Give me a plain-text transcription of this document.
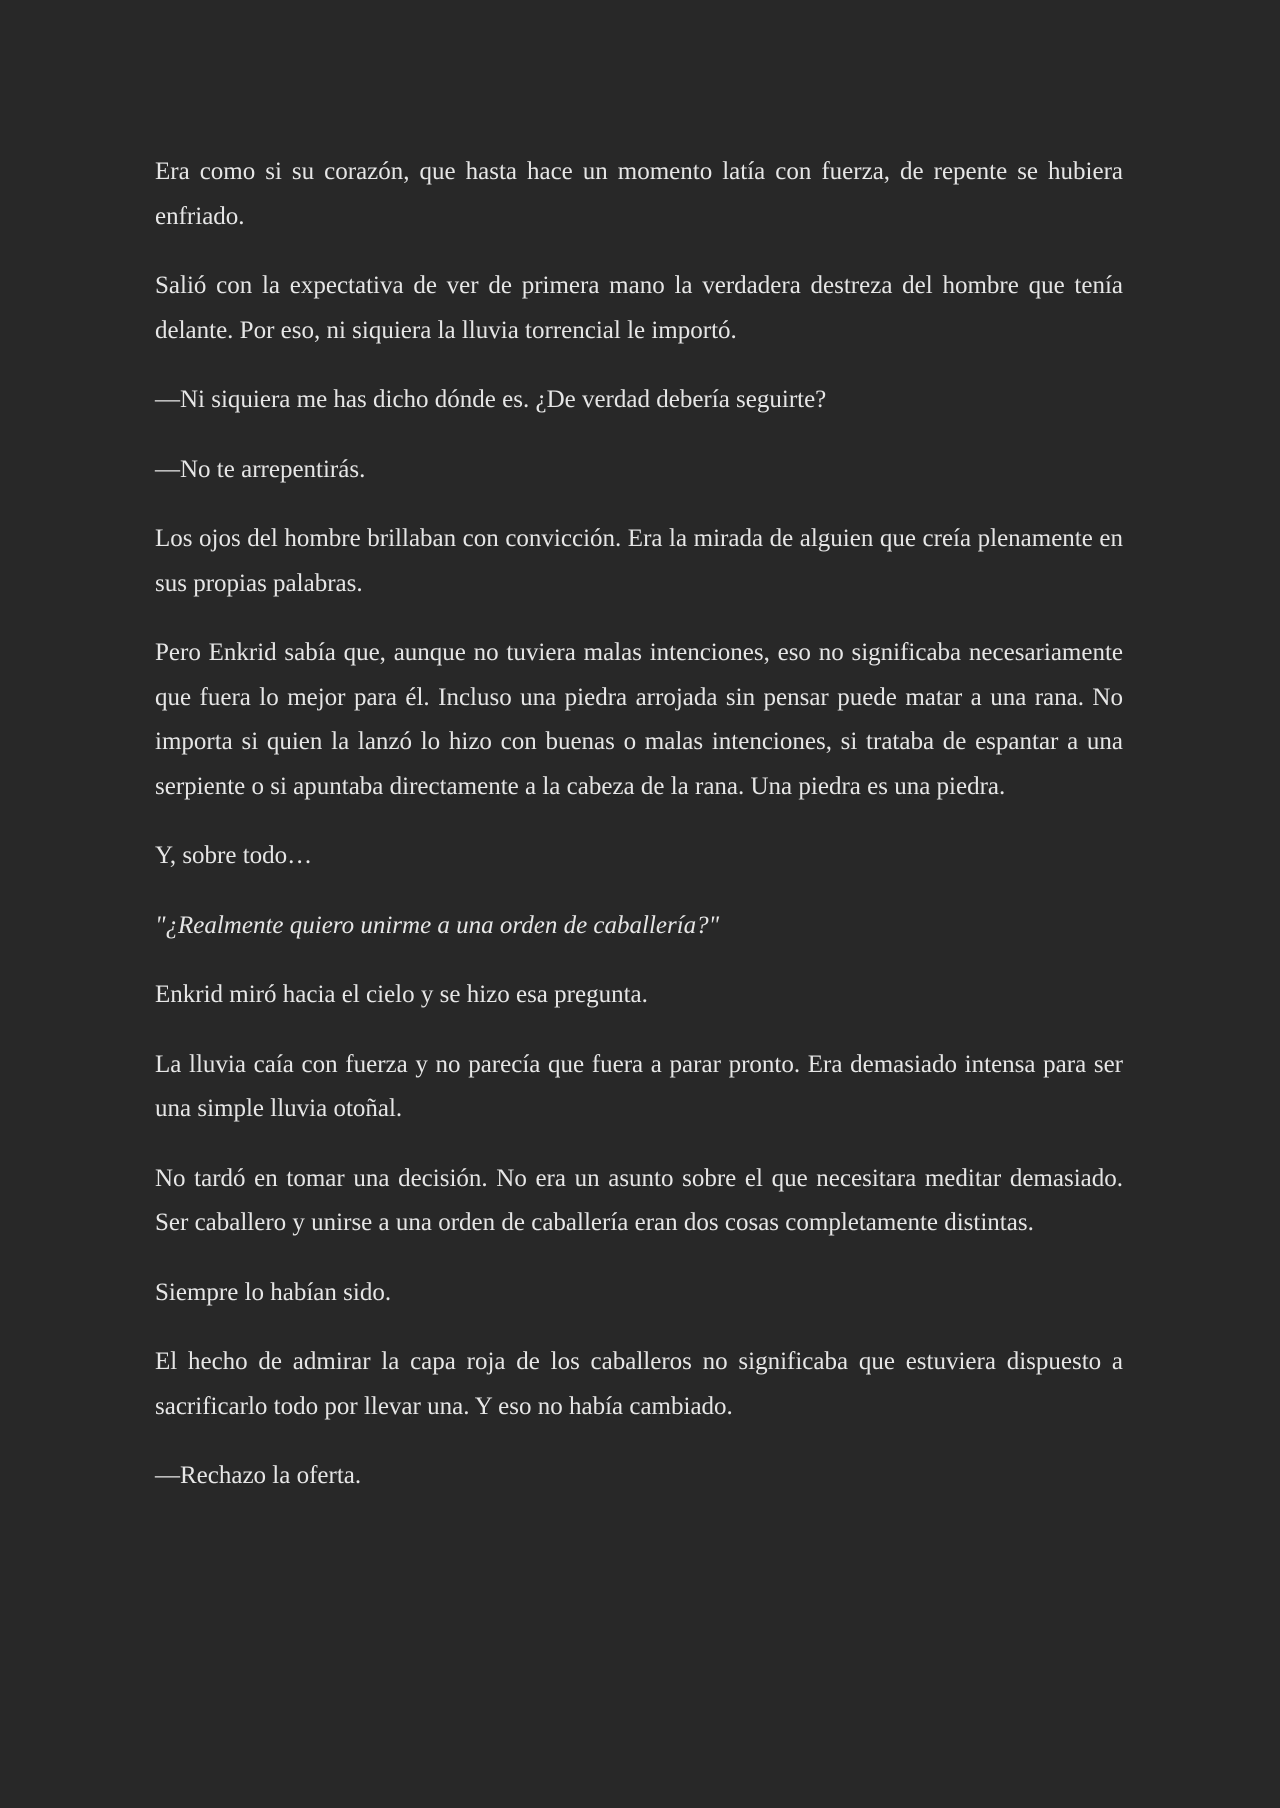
Era como si su corazón, que hasta hace un momento latía con fuerza, de repente se hubiera enfriado.

Salió con la expectativa de ver de primera mano la verdadera destreza del hombre que tenía delante. Por eso, ni siquiera la lluvia torrencial le importó.

—Ni siquiera me has dicho dónde es. ¿De verdad debería seguirte?

—No te arrepentirás.

Los ojos del hombre brillaban con convicción. Era la mirada de alguien que creía plenamente en sus propias palabras.

Pero Enkrid sabía que, aunque no tuviera malas intenciones, eso no significaba necesariamente que fuera lo mejor para él. Incluso una piedra arrojada sin pensar puede matar a una rana. No importa si quien la lanzó lo hizo con buenas o malas intenciones, si trataba de espantar a una serpiente o si apuntaba directamente a la cabeza de la rana. Una piedra es una piedra.

Y, sobre todo…

"¿Realmente quiero unirme a una orden de caballería?"

Enkrid miró hacia el cielo y se hizo esa pregunta.

La lluvia caía con fuerza y no parecía que fuera a parar pronto. Era demasiado intensa para ser una simple lluvia otoñal.

No tardó en tomar una decisión. No era un asunto sobre el que necesitara meditar demasiado. Ser caballero y unirse a una orden de caballería eran dos cosas completamente distintas.

Siempre lo habían sido.

El hecho de admirar la capa roja de los caballeros no significaba que estuviera dispuesto a sacrificarlo todo por llevar una. Y eso no había cambiado.

—Rechazo la oferta.
